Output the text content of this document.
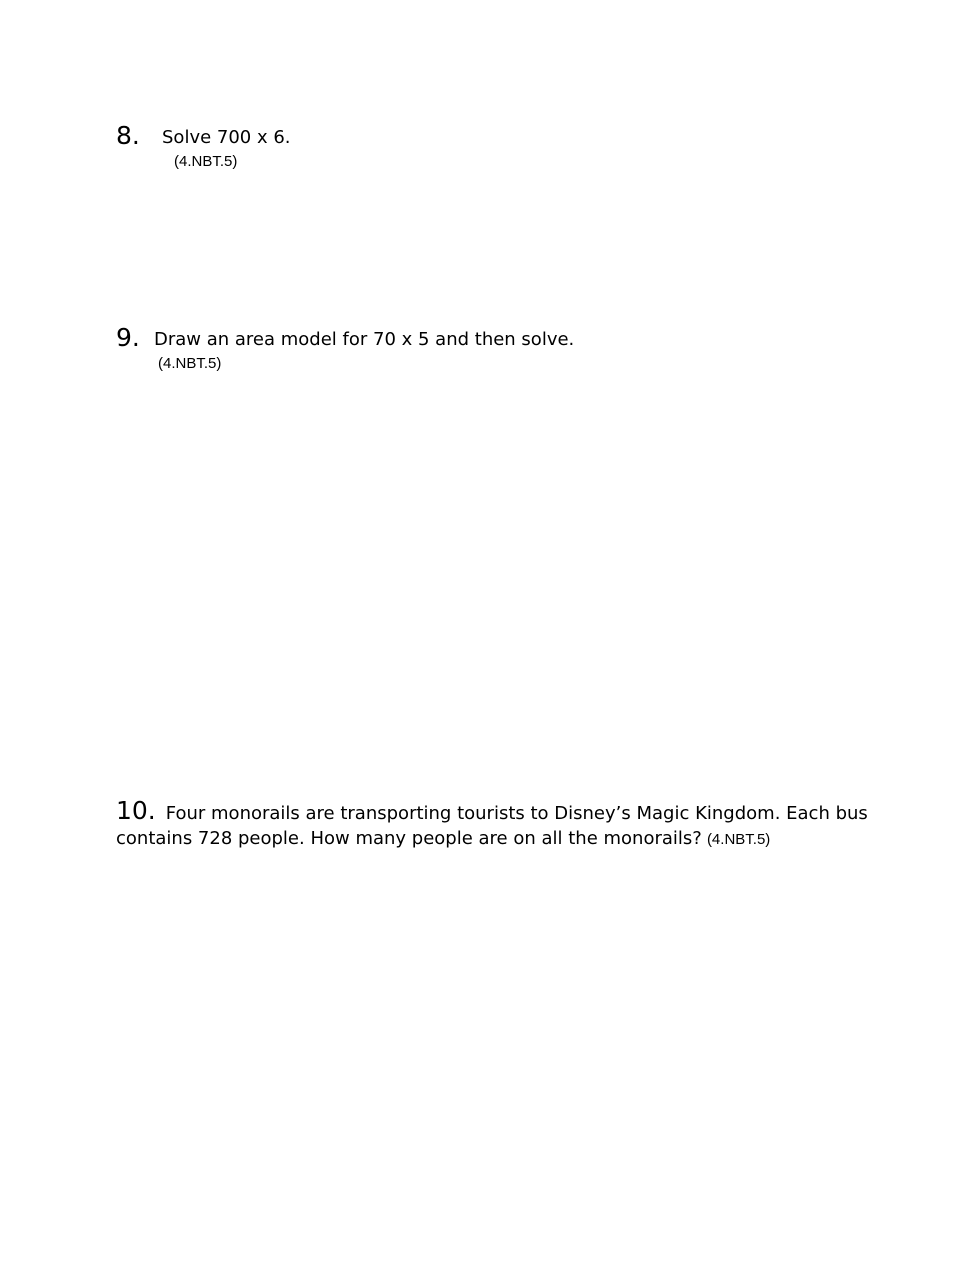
8. Solve 700 x 6.
(4.NBT.5)
9. Draw an area model for 70 x 5 and then solve.
(4.NBT.5)
10. Four monorails are transporting tourists to Disney’s Magic Kingdom. Each bus
contains 728 people. How many people are on all the monorails? (4.NBT.5)
